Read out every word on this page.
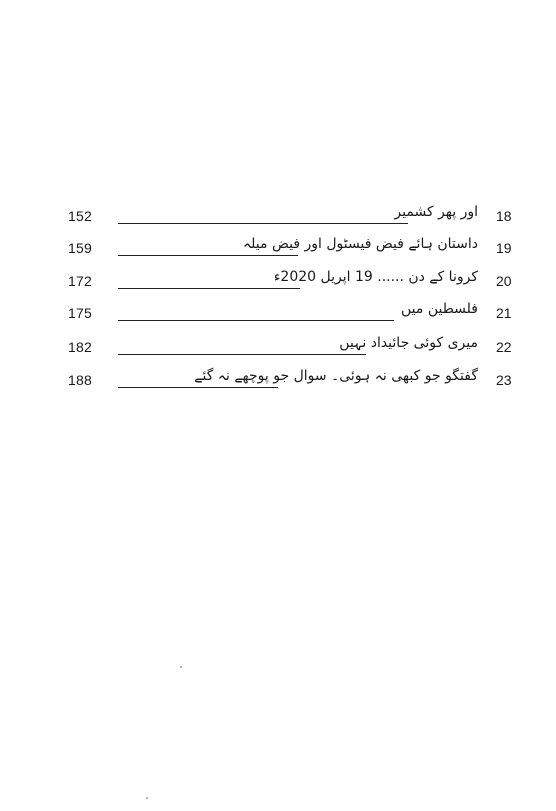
152	اور پھر کشمیر 18
159	داستان ہائے فیض فیسٹول اور فیض میلہ 19
172	کرونا کے دن ...... 19 اپریل 2020ء 20
175	فلسطین میں 21
182	میری کوئی جائیداد نہیں 22
188	گفتگو جو کبھی نہ ہوئی۔ سوال جو پوچھے نہ گئے 23
